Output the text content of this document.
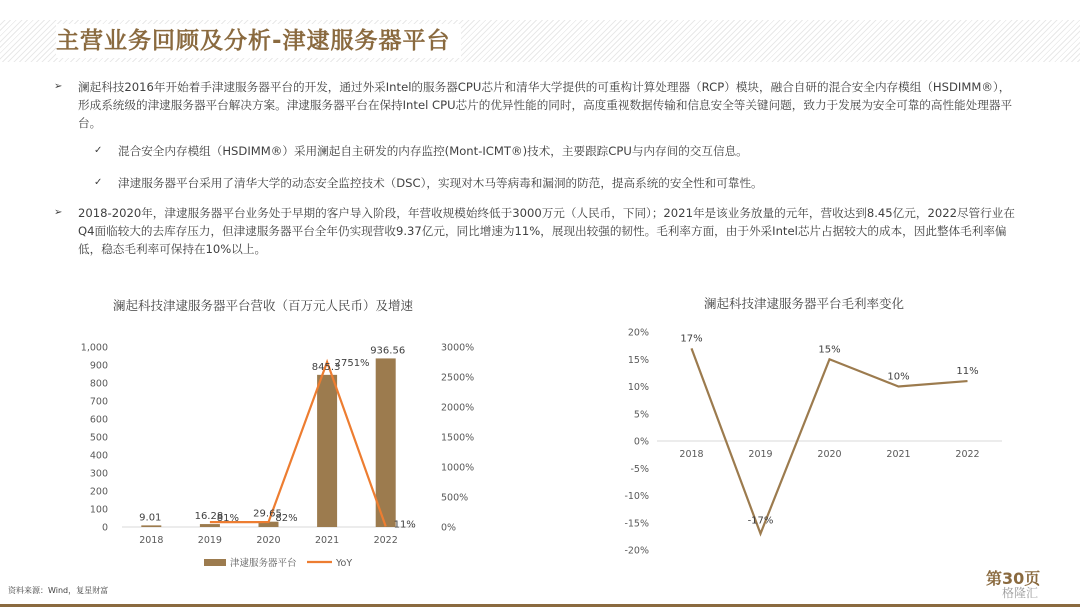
主营业务回顾及分析-津逮服务器平台
➢ 澜起科技2016年开始着手津逮服务器平台的开发，通过外采Intel的服务器CPU芯片和清华大学提供的可重构计算处理器（RCP）模块，融合自研的混合安全内存模组（HSDIMM®），形成系统级的津逮服务器平台解决方案。津逮服务器平台在保持Intel CPU芯片的优异性能的同时，高度重视数据传输和信息安全等关键问题，致力于发展为安全可靠的高性能处理器平台。
✓ 混合安全内存模组（HSDIMM®）采用澜起自主研发的内存监控(Mont-ICMT®)技术，主要跟踪CPU与内存间的交互信息。
✓ 津逮服务器平台采用了清华大学的动态安全监控技术（DSC），实现对木马等病毒和漏洞的防范，提高系统的安全性和可靠性。
➢ 2018-2020年，津逮服务器平台业务处于早期的客户导入阶段，年营收规模始终低于3000万元（人民币，下同）；2021年是该业务放量的元年，营收达到8.45亿元，2022尽管行业在Q4面临较大的去库存压力，但津逮服务器平台全年仍实现营收9.37亿元，同比增速为11%，展现出较强的韧性。毛利率方面，由于外采Intel芯片占据较大的成本，因此整体毛利率偏低，稳态毛利率可保持在10%以上。
澜起科技津逮服务器平台营收（百万元人民币）及增速
0
100
200
300
400
500
600
700
800
900
1,000
0%
500%
1000%
1500%
2000%
2500%
3000%
9.01	16.28	29.65
845.3
936.56
81%	82%
2751%
11%
2018	2019	2020	2021	2022
津逮服务器平台	YoY
澜起科技津逮服务器平台毛利率变化
20%
15%
10%
5%
0%
-5%
-10%
-15%
-20%
17%
-17%
15%
10%	11%
2018	2019	2020	2021	2022
资料来源：Wind，复星财富
第30页
格隆汇
